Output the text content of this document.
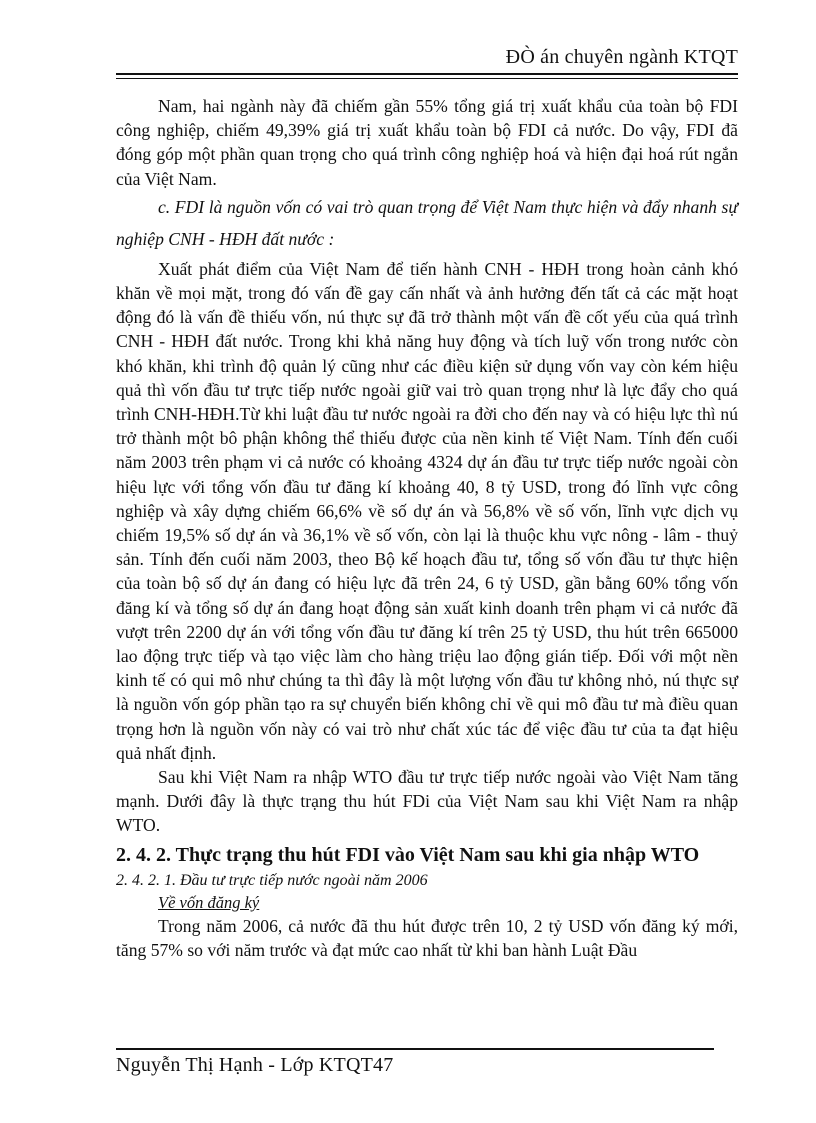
ĐÒ án chuyên ngành KTQT

Nam, hai ngành này đã chiếm gần 55% tổng giá trị xuất khẩu của toàn bộ FDI công nghiệp, chiếm 49,39% giá trị xuất khẩu toàn bộ FDI cả nước. Do vậy, FDI đã đóng góp một phần quan trọng cho quá trình công nghiệp hoá và hiện đại hoá rút ngắn của Việt Nam.

c. FDI là nguồn vốn có vai trò quan trọng để Việt Nam thực hiện và đẩy nhanh sự nghiệp CNH - HĐH đất nước :

Xuất phát điểm của Việt Nam để tiến hành CNH - HĐH trong hoàn cảnh khó khăn về mọi mặt, trong đó vấn đề gay cấn nhất và ảnh hưởng đến tất cả các mặt hoạt động đó là vấn đề thiếu vốn, nú thực sự đã trở thành một vấn đề cốt yếu của quá trình CNH - HĐH đất nước. Trong khi khả năng huy động và tích luỹ vốn trong nước còn khó khăn, khi trình độ quản lý cũng như các điều kiện sử dụng vốn vay còn kém hiệu quả thì vốn đầu tư trực tiếp nước ngoài giữ vai trò quan trọng như là lực đẩy cho quá trình CNH-HĐH.Từ khi luật đầu tư nước ngoài ra đời cho đến nay và có hiệu lực thì nú trở thành một bô phận không thể thiếu được của nền kinh tế Việt Nam. Tính đến cuối năm 2003 trên phạm vi cả nước có khoảng 4324 dự án đầu tư trực tiếp nước ngoài còn hiệu lực với tổng vốn đầu tư đăng kí khoảng 40, 8 tỷ USD, trong đó lĩnh vực công nghiệp và xây dựng chiếm 66,6% về số dự án và 56,8% về số vốn, lĩnh vực dịch vụ chiếm 19,5% số dự án và 36,1% về số vốn, còn lại là thuộc khu vực nông - lâm - thuỷ sản. Tính đến cuối năm 2003, theo Bộ kế hoạch đầu tư, tổng số vốn đầu tư thực hiện của toàn bộ số dự án đang có hiệu lực đã trên 24, 6 tỷ USD, gần bằng 60% tổng vốn đăng kí và tổng số dự án đang hoạt động sản xuất kinh doanh trên phạm vi cả nước đã vượt trên 2200 dự án với tổng vốn đầu tư đăng kí trên 25 tỷ USD, thu hút trên 665000 lao động trực tiếp và tạo việc làm cho hàng triệu lao động gián tiếp. Đối với một nền kinh tế có qui mô như chúng ta thì đây là một lượng vốn đầu tư không nhỏ, nú thực sự là nguồn vốn góp phần tạo ra sự chuyển biến không chỉ về qui mô đầu tư mà điều quan trọng hơn là nguồn vốn này có vai trò như chất xúc tác để việc đầu tư của ta đạt hiệu quả nhất định.

Sau khi Việt Nam ra nhập WTO đầu tư trực tiếp nước ngoài vào Việt Nam tăng mạnh. Dưới đây là thực trạng thu hút FDi của Việt Nam sau khi Việt Nam ra nhập WTO.

2. 4. 2. Thực trạng thu hút FDI vào Việt Nam sau khi gia nhập WTO

2. 4. 2. 1. Đầu tư trực tiếp nước ngoài năm 2006

Về vốn đăng ký

Trong năm 2006, cả nước đã thu hút được trên 10, 2 tỷ USD vốn đăng ký mới, tăng 57% so với năm trước và đạt mức cao nhất từ khi ban hành Luật Đầu

Nguyễn Thị Hạnh - Lớp KTQT47
